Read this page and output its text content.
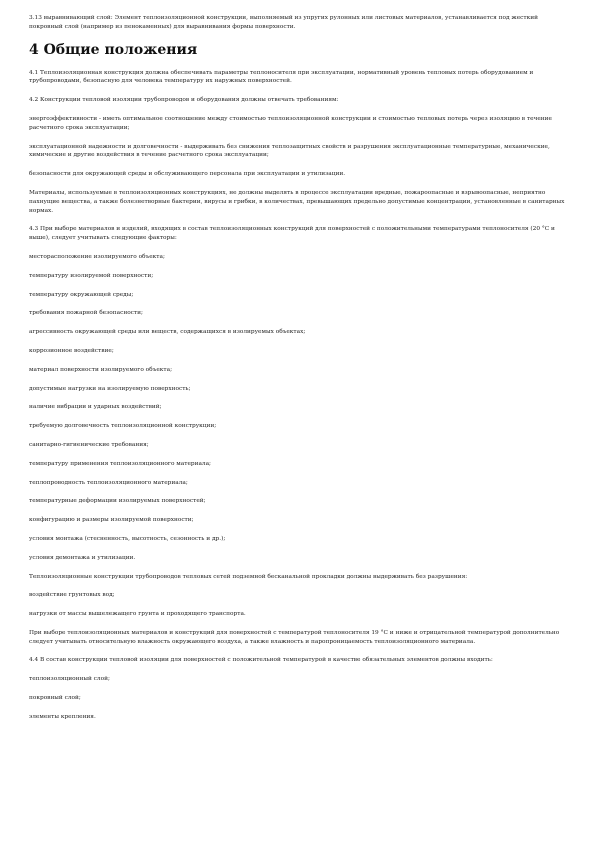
3.13 выравнивающий слой: Элемент теплоизоляционной конструкции, выполняемый из упругих рулонных или листовых материалов, устанавливается под жесткий покровный слой (например из пенокаменных) для выравнивания формы поверхности.
4 Общие положения
4.1 Теплоизоляционная конструкция должна обеспечивать параметры теплоносителя при эксплуатации, нормативный уровень тепловых потерь оборудованием и трубопроводами, безопасную для человека температуру их наружных поверхностей.
4.2 Конструкции тепловой изоляции трубопроводов и оборудования должны отвечать требованиям:
энергоэффективности - иметь оптимальное соотношение между стоимостью теплоизоляционной конструкции и стоимостью тепловых потерь через изоляцию в течение расчетного срока эксплуатации;
эксплуатационной надежности и долговечности - выдерживать без снижения теплозащитных свойств и разрушения эксплуатационные температурные, механические, химические и другие воздействия в течение расчетного срока эксплуатации;
безопасности для окружающей среды и обслуживающего персонала при эксплуатации и утилизации.
Материалы, используемые в теплоизоляционных конструкциях, не должны выделять в процессе эксплуатации вредные, пожароопасные и взрывоопасные, неприятно пахнущие вещества, а также болезнетворные бактерии, вирусы и грибки, в количествах, превышающих предельно допустимые концентрации, установленные в санитарных нормах.
4.3 При выборе материалов и изделий, входящих в состав теплоизоляционных конструкций для поверхностей с положительными температурами теплоносителя (20 °С и выше), следует учитывать следующие факторы:
месторасположение изолируемого объекта;
температуру изолируемой поверхности;
температуру окружающей среды;
требования пожарной безопасности;
агрессивность окружающей среды или веществ, содержащихся в изолируемых объектах;
коррозионное воздействие;
материал поверхности изолируемого объекта;
допустимые нагрузки на изолируемую поверхность;
наличие вибрации и ударных воздействий;
требуемую долговечность теплоизоляционной конструкции;
санитарно-гигиенические требования;
температуру применения теплоизоляционного материала;
теплопроводность теплоизоляционного материала;
температурные деформации изолируемых поверхностей;
конфигурацию и размеры изолируемой поверхности;
условия монтажа (стесненность, высотность, сезонность и др.);
условия демонтажа и утилизации.
Теплоизоляционные конструкции трубопроводов тепловых сетей подземной бесканальной прокладки должны выдерживать без разрушения:
воздействие грунтовых вод;
нагрузки от массы вышележащего грунта и проходящего транспорта.
При выборе теплоизоляционных материалов и конструкций для поверхностей с температурой теплоносителя 19 °С и ниже и отрицательной температурой дополнительно следует учитывать относительную влажность окружающего воздуха, а также влажность и паропроницаемость теплоизоляционного материала.
4.4 В состав конструкции тепловой изоляции для поверхностей с положительной температурой в качестве обязательных элементов должны входить:
теплоизоляционный слой;
покровный слой;
элементы крепления.
